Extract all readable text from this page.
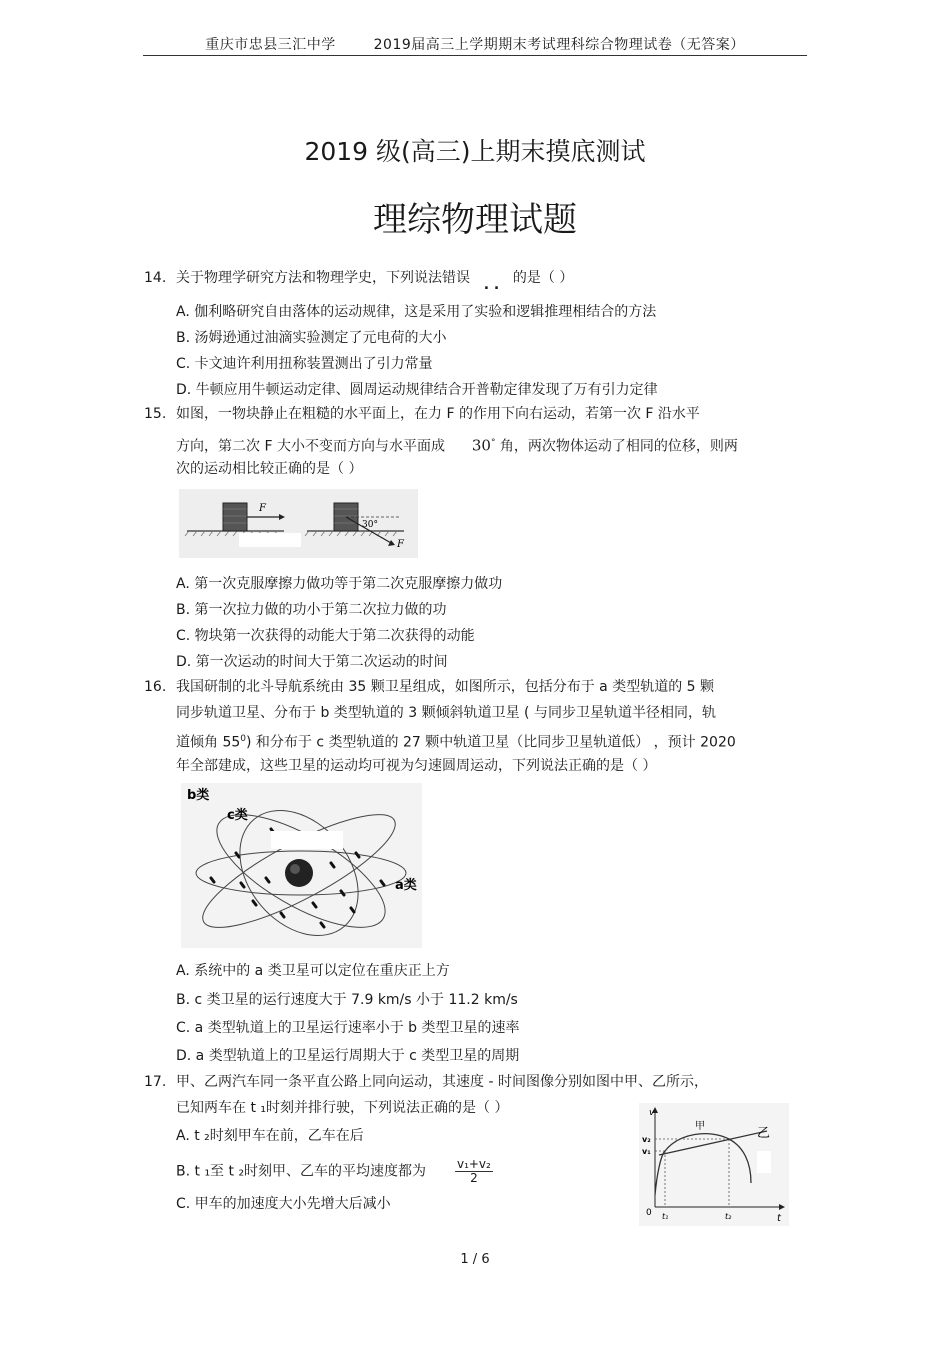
重庆市忠县三汇中学	2019届高三上学期期末考试理科综合物理试卷（无答案）
2019 级(高三)上期末摸底测试
理综物理试题
14. 关于物理学研究方法和物理学史，下列说法错误 . . 的是（ ）
A. 伽利略研究自由落体的运动规律，这是采用了实验和逻辑推理相结合的方法
B. 汤姆逊通过油滴实验测定了元电荷的大小
C. 卡文迪许利用扭称装置测出了引力常量
D. 牛顿应用牛顿运动定律、圆周运动规律结合开普勒定律发现了万有引力定律
15. 如图，一物块静止在粗糙的水平面上，在力 F 的作用下向右运动，若第一次 F 沿水平
方向，第二次 F 大小不变而方向与水平面成 30° 角，两次物体运动了相同的位移，则两
次的运动相比较正确的是（ ）
F
30°
F
A. 第一次克服摩擦力做功等于第二次克服摩擦力做功
B. 第一次拉力做的功小于第二次拉力做的功
C. 物块第一次获得的动能大于第二次获得的动能
D. 第一次运动的时间大于第二次运动的时间
16. 我国研制的北斗导航系统由 35 颗卫星组成，如图所示，包括分布于 a 类型轨道的 5 颗
同步轨道卫星、分布于 b 类型轨道的 3 颗倾斜轨道卫星 ( 与同步卫星轨道半径相同，轨
道倾角 $55^0$) 和分布于 c 类型轨道的 27 颗中轨道卫星（比同步卫星轨道低） ，预计 2020
年全部建成，这些卫星的运动均可视为匀速圆周运动，下列说法正确的是（ ）
b类
c类
a类
A. 系统中的 a 类卫星可以定位在重庆正上方
B. c 类卫星的运行速度大于 7.9 km/s 小于 11.2 km/s
C. a 类型轨道上的卫星运行速率小于 b 类型卫星的速率
D. a 类型轨道上的卫星运行周期大于 c 类型卫星的周期
17. 甲、乙两汽车同一条平直公路上同向运动，其速度 - 时间图像分别如图中甲、乙所示，
已知两车在 t ₁时刻并排行驶，下列说法正确的是（ ）
A. t ₂时刻甲车在前，乙车在后
B. t ₁至 t ₂时刻甲、乙车的平均速度都为 $\frac{\text{v₁+v₂}}{2}$
C. 甲车的加速度大小先增大后减小
v
v₂
v₁
甲	乙
0 t₁	t₂	t
1 / 6
